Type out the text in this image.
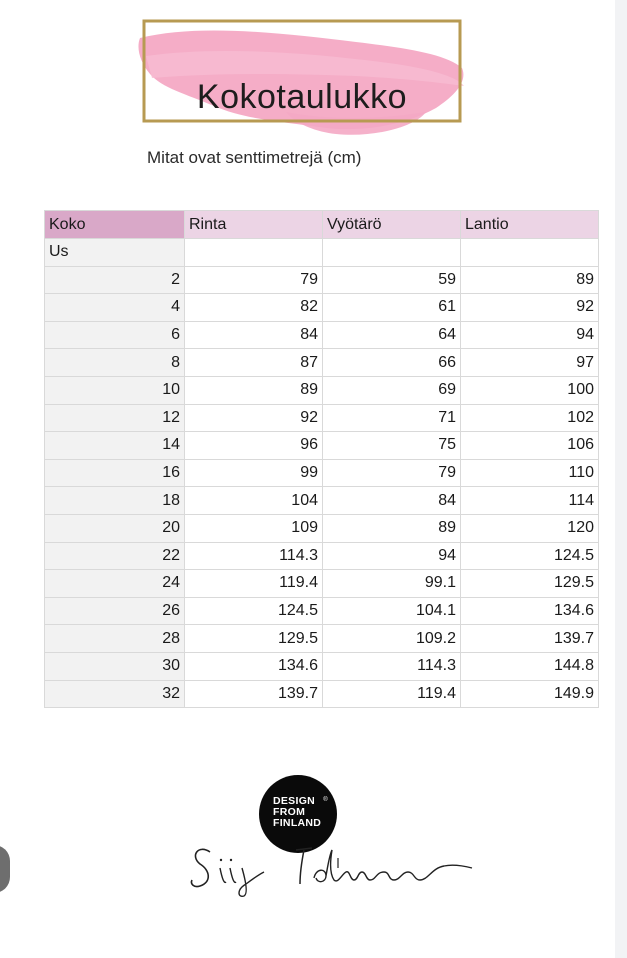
Kokotaulukko
Mitat ovat senttimetrejä (cm)
Koko	Rinta	Vyötärö	Lantio
Us			
2	79	59	89
4	82	61	92
6	84	64	94
8	87	66	97
10	89	69	100
12	92	71	102
14	96	75	106
16	99	79	110
18	104	84	114
20	109	89	120
22	114.3	94	124.5
24	119.4	99.1	129.5
26	124.5	104.1	134.6
28	129.5	109.2	139.7
30	134.6	114.3	144.8
32	139.7	119.4	149.9
DESIGN
FROM
FINLAND
®
